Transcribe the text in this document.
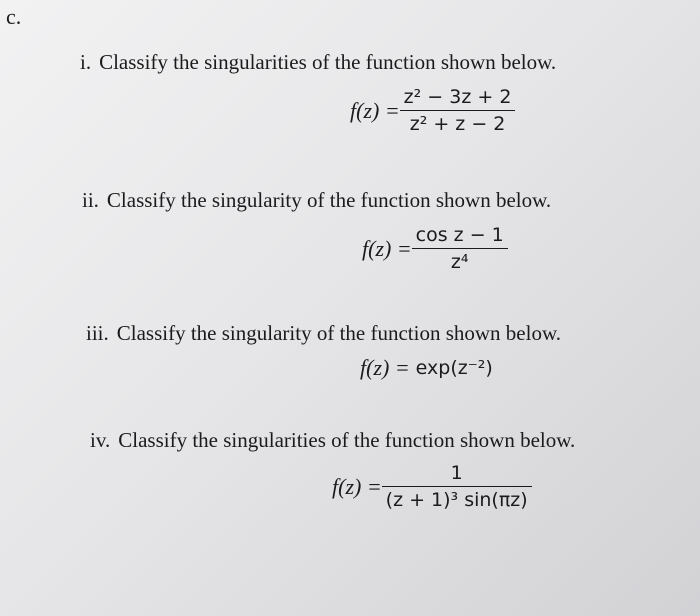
c.
i. Classify the singularities of the function shown below.
$f(z) = \frac{\text{z² − 3z + 2}}{\text{z² + z − 2}}$
ii. Classify the singularity of the function shown below.
$f(z) = \frac{\text{cos z − 1}}{\text{z⁴}}$
iii. Classify the singularity of the function shown below.
f(z) = exp(z⁻²)
iv. Classify the singularities of the function shown below.
$f(z) = \frac{1}{\text{(z + 1)³ sin(πz)}}$
